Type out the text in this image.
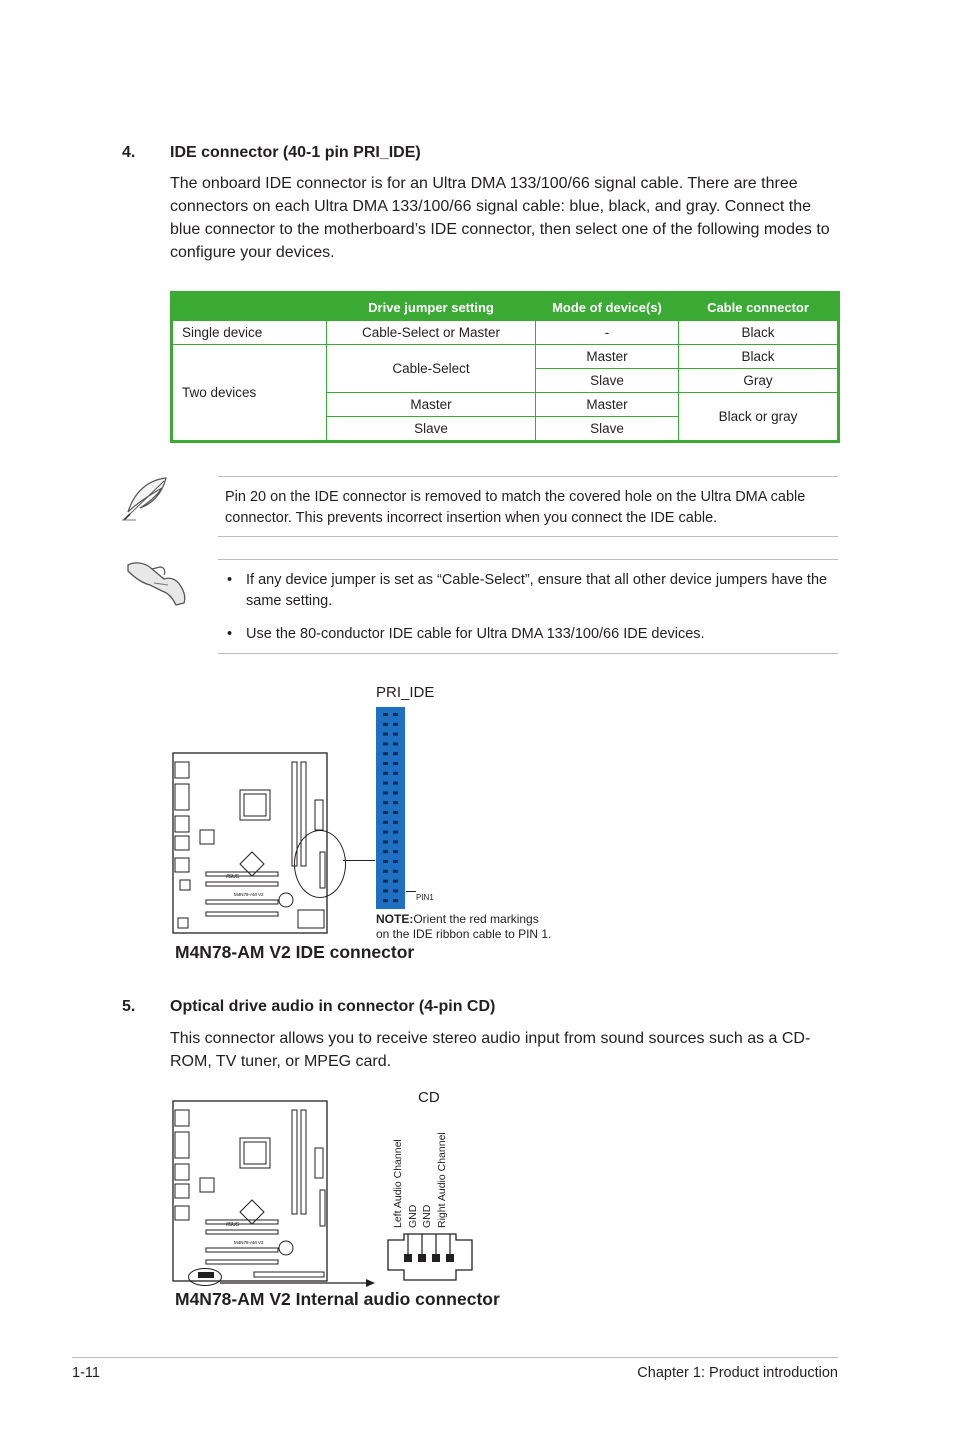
4. IDE connector (40-1 pin PRI_IDE)
The onboard IDE connector is for an Ultra DMA 133/100/66 signal cable. There are three connectors on each Ultra DMA 133/100/66 signal cable: blue, black, and gray. Connect the blue connector to the motherboard’s IDE connector, then select one of the following modes to configure your devices.
	Drive jumper setting	Mode of device(s)	Cable connector
Single device	Cable-Select or Master	-	Black
Two devices	Cable-Select	Master	Black
		Slave	Gray
	Master	Master	Black or gray
	Slave	Slave	
Pin 20 on the IDE connector is removed to match the covered hole on the Ultra DMA cable connector. This prevents incorrect insertion when you connect the IDE cable.
• If any device jumper is set as “Cable-Select”, ensure that all other device jumpers have the same setting.
• Use the 80-conductor IDE cable for Ultra DMA 133/100/66 IDE devices.
/ISUS
M4N78-AM V2
PRI_IDE
PIN1
NOTE:Orient the red markings
on the IDE ribbon cable to PIN 1.
M4N78-AM V2 IDE connector
5. Optical drive audio in connector (4-pin CD)
This connector allows you to receive stereo audio input from sound sources such as a CD-ROM, TV tuner, or MPEG card.
/ISUS
M4N78-AM V2
CD
Left Audio Channel GND GND Right Audio Channel
M4N78-AM V2 Internal audio connector
1-11	Chapter 1: Product introduction
